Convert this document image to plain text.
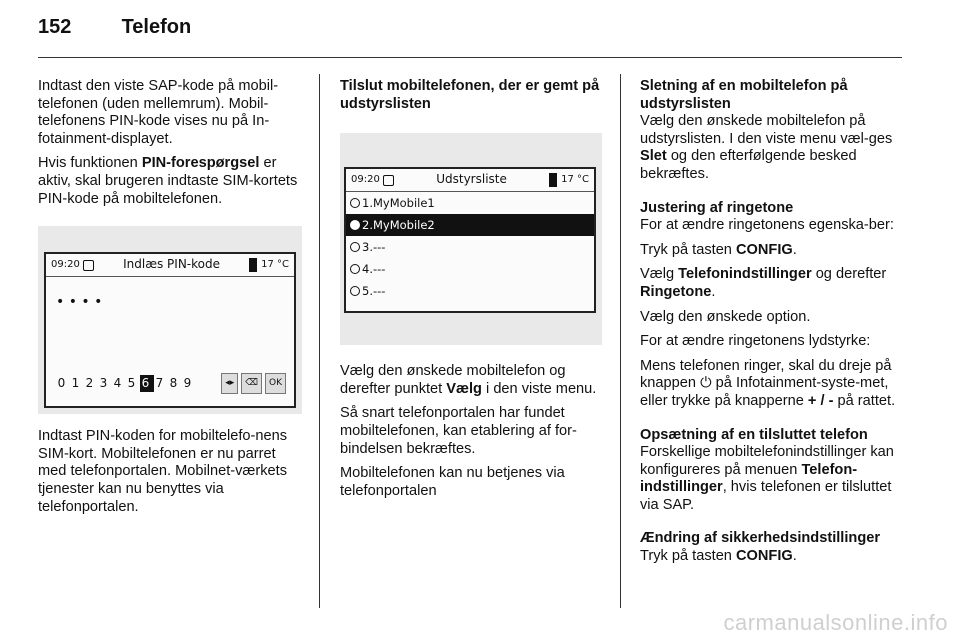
152	Telefon

Indtast den viste SAP-kode på mobil-telefonen (uden mellemrum). Mobil-telefonens PIN-kode vises nu på In-fotainment-displayet.

Hvis funktionen PIN-forespørgsel er aktiv, skal brugeren indtaste SIM-kortets PIN-kode på mobiltelefonen.

09:20	Indlæs PIN-kode	17 °C
• • • •
0 1 2 3 4 5 6 7 8 9	◂▸	⌫	OK

Indtast PIN-koden for mobiltelefo-nens SIM-kort. Mobiltelefonen er nu parret med telefonportalen. Mobilnet-værkets tjenester kan nu benyttes via telefonportalen.

Tilslut mobiltelefonen, der er gemt på udstyrslisten

09:20	Udstyrsliste	17 °C
1.MyMobile1
2.MyMobile2
3.---
4.---
5.---

Vælg den ønskede mobiltelefon og derefter punktet Vælg i den viste menu.

Så snart telefonportalen har fundet mobiltelefonen, kan etablering af for-bindelsen bekræftes.

Mobiltelefonen kan nu betjenes via telefonportalen

Sletning af en mobiltelefon på udstyrslisten

Vælg den ønskede mobiltelefon på udstyrslisten. I den viste menu væl-ges Slet og den efterfølgende besked bekræftes.

Justering af ringetone

For at ændre ringetonens egenska-ber:

Tryk på tasten CONFIG.

Vælg Telefonindstillinger og derefter Ringetone.

Vælg den ønskede option.

For at ændre ringetonens lydstyrke:

Mens telefonen ringer, skal du dreje på knappen ⏻ på Infotainment-syste-met, eller trykke på knapperne + / - på rattet.

Opsætning af en tilsluttet telefon

Forskellige mobiltelefonindstillinger kan konfigureres på menuen Telefon-indstillinger, hvis telefonen er tilsluttet via SAP.

Ændring af sikkerhedsindstillinger

Tryk på tasten CONFIG.

carmanualsonline.info
